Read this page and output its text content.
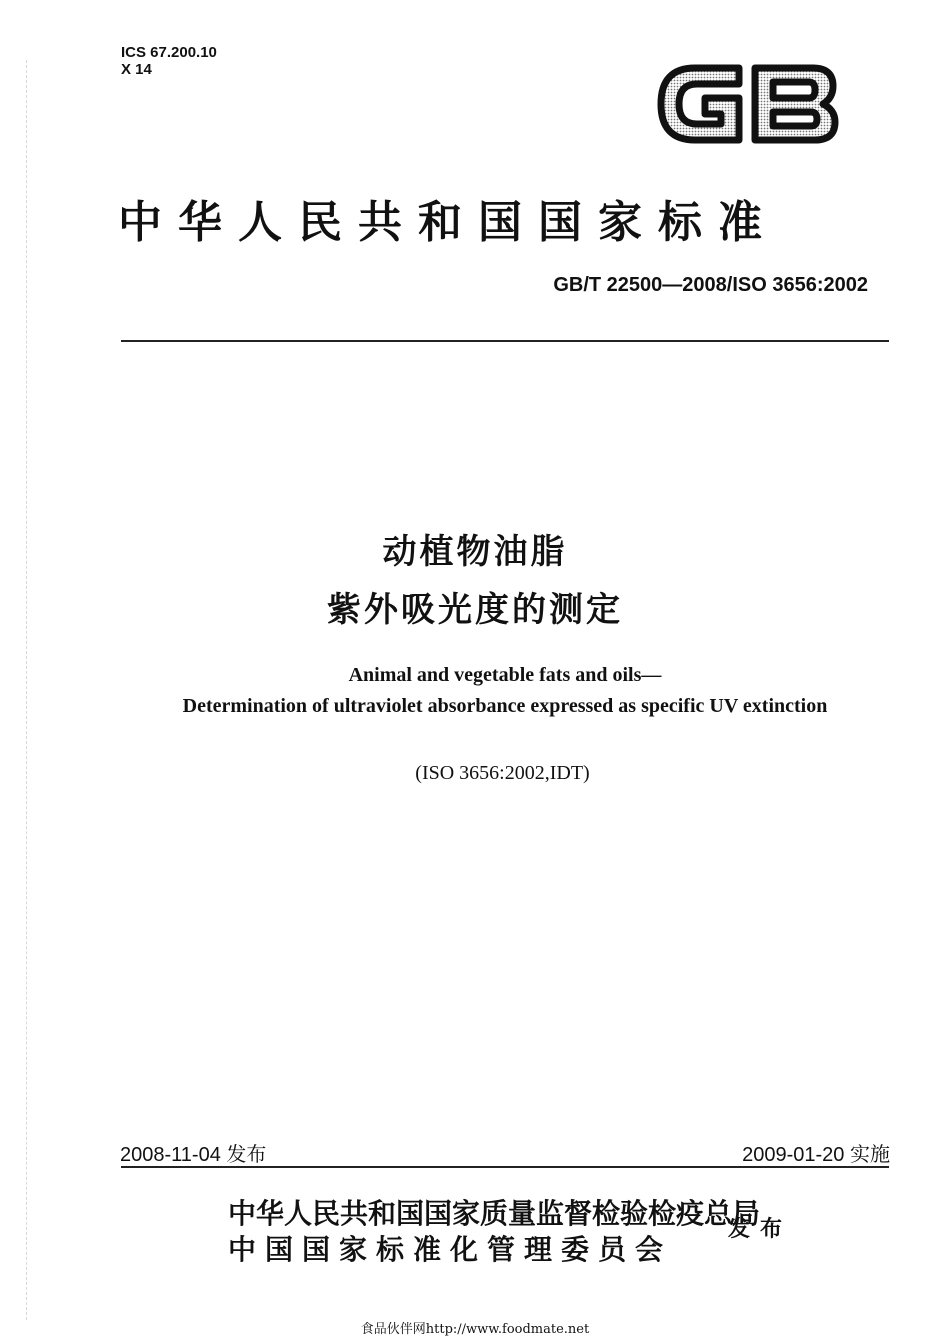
ICS 67.200.10
X 14
中华人民共和国国家标准
GB/T 22500—2008/ISO 3656:2002
动植物油脂
紫外吸光度的测定
Animal and vegetable fats and oils—
Determination of ultraviolet absorbance expressed as specific UV extinction
(ISO 3656:2002,IDT)
2008-11-04 发布	2009-01-20 实施
中华人民共和国国家质量监督检验检疫总局
中国国家标准化管理委员会
发布
食品伙伴网http://www.foodmate.net
